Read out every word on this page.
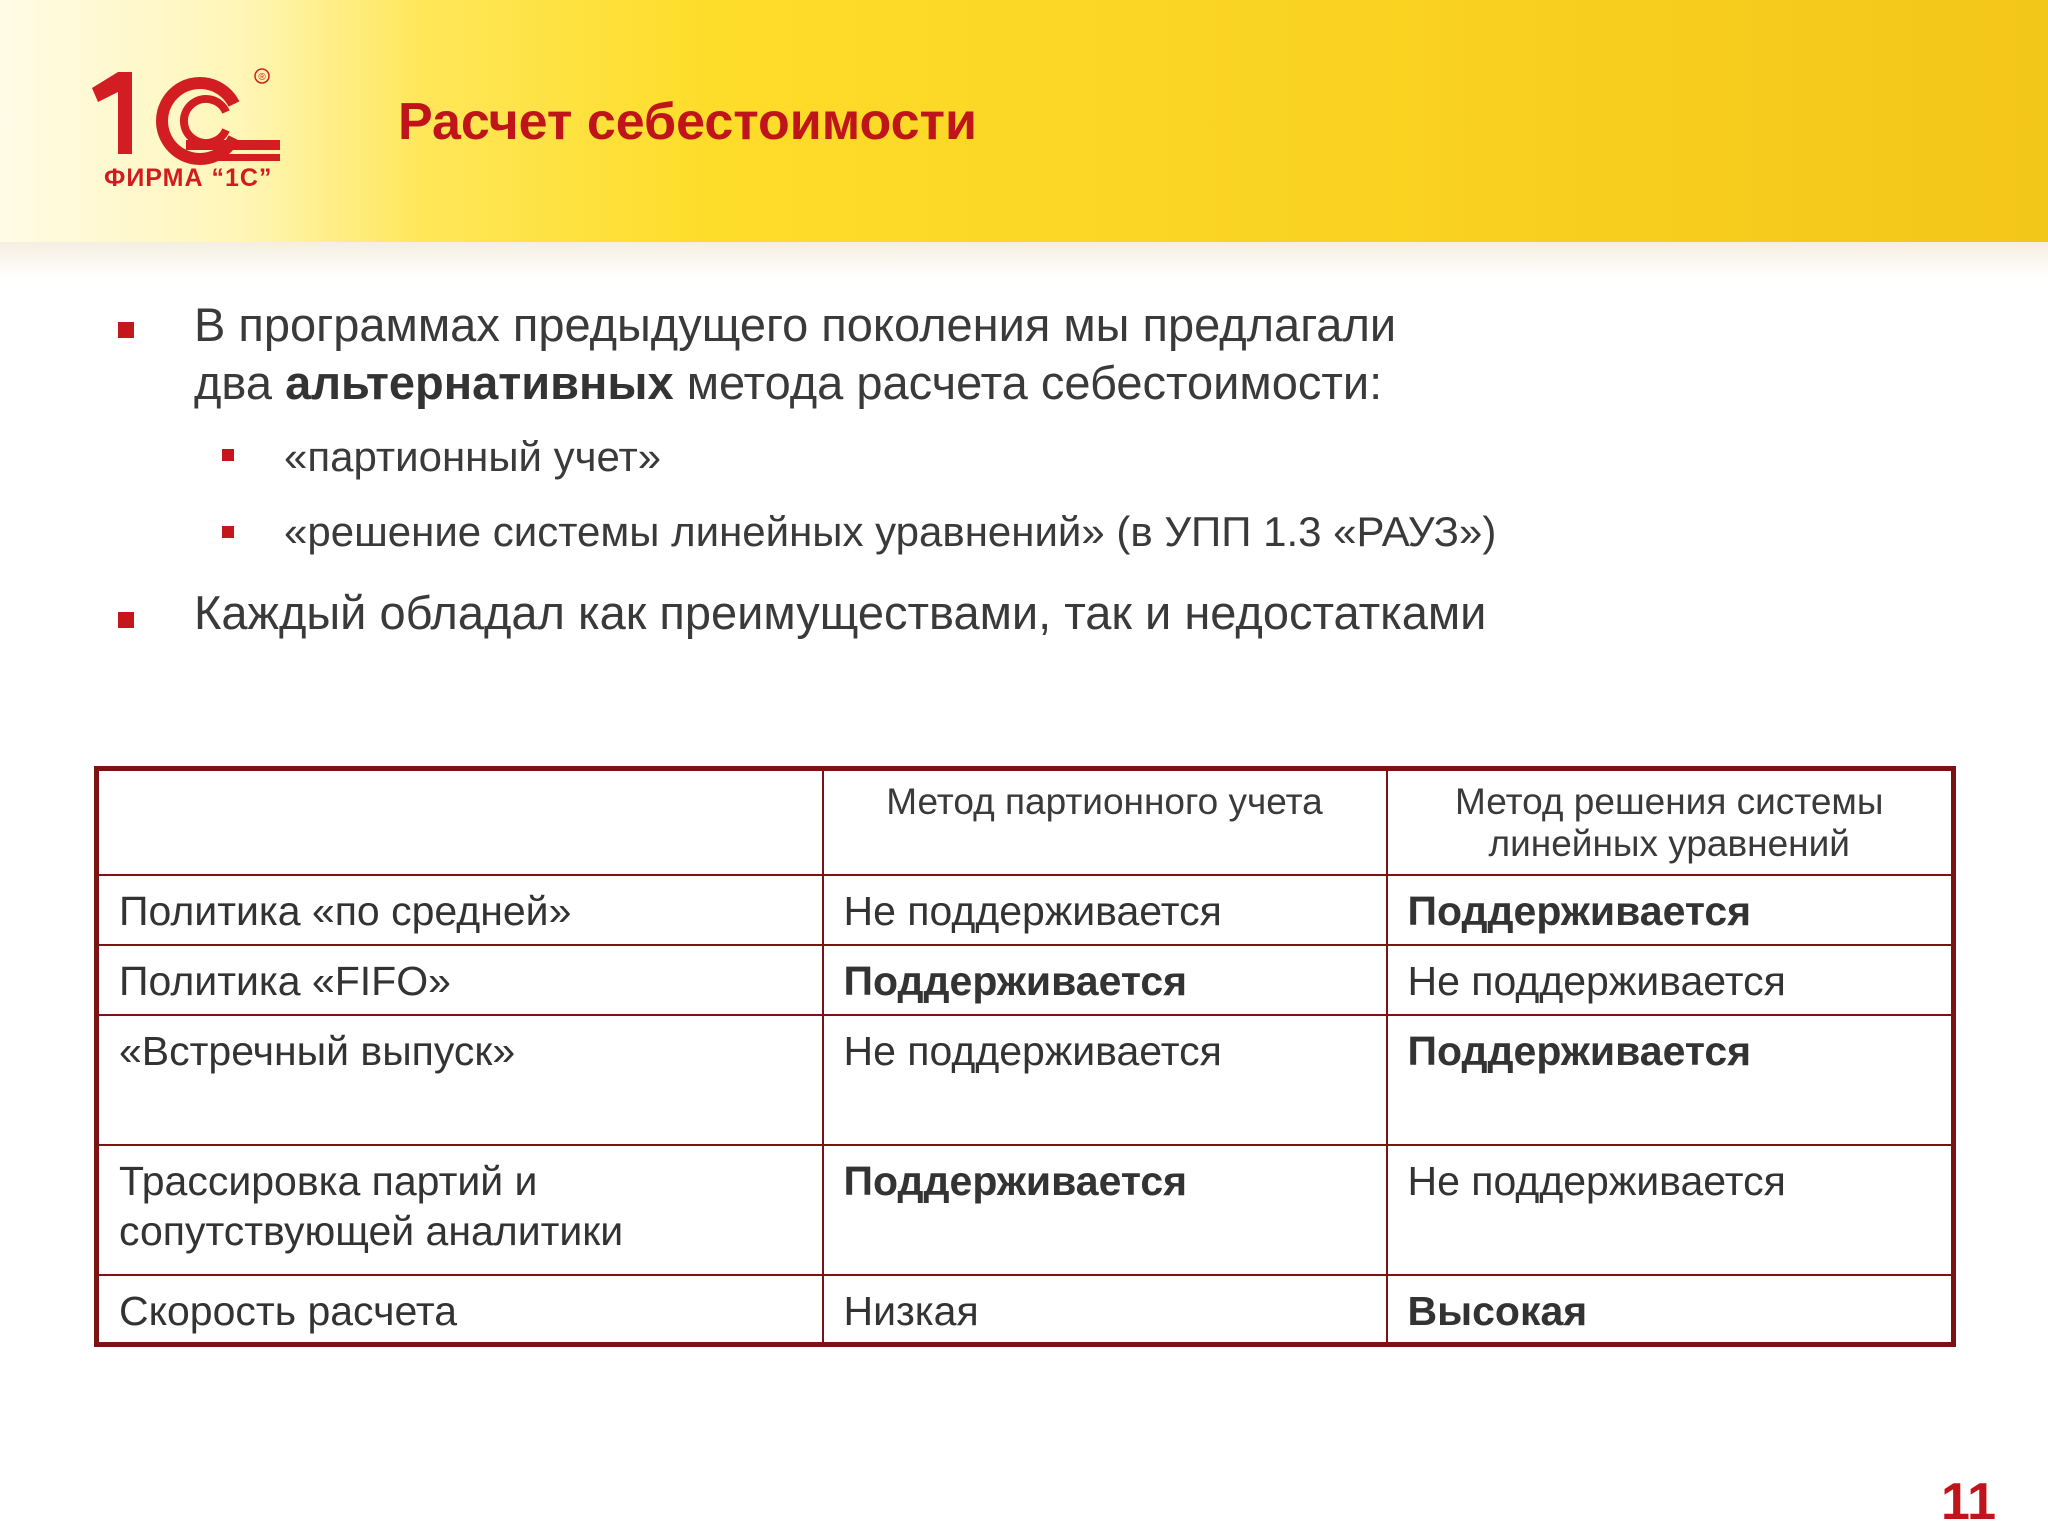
®
ФИРМА “1С”
Расчет себестоимости
В программах предыдущего поколения мы предлагали
два альтернативных метода расчета себестоимости:
«партионный учет»
«решение системы линейных уравнений» (в УПП 1.3 «РАУЗ»)
Каждый обладал как преимуществами, так и недостатками
	Метод партионного учета	Метод решения системы линейных уравнений
Политика «по средней»	Не поддерживается	Поддерживается
Политика «FIFO»	Поддерживается	Не поддерживается
«Встречный выпуск»	Не поддерживается	Поддерживается
Трассировка партий и сопутствующей аналитики	Поддерживается	Не поддерживается
Скорость расчета	Низкая	Высокая
11
